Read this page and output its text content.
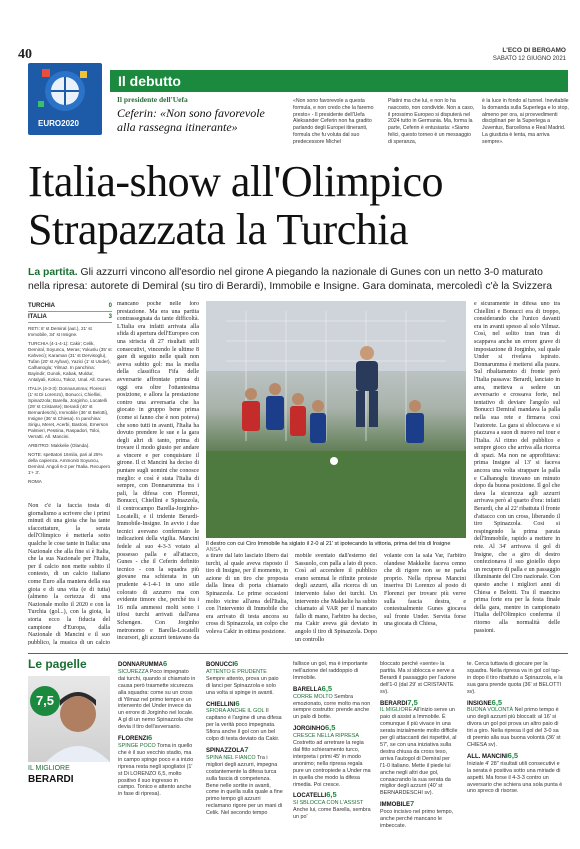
40	L'ECO DI BERGAMO
SABATO 12 GIUGNO 2021
EURO2020
Il debutto
Il presidente dell'Uefa
Ceferin: «Non sono favorevole alla rassegna itinerante»
«Non sono favorevole a questa formula, e non credo che la faremo presto» - Il presidente dell'Uefa Aleksander Ceferin non ha gradito parlando degli Europei itineranti, formula che fu voluta dal suo predecessore Michel
Platini ma che lui, e non lo ha nascosto, non condivide. Non a caso, il prossimo Europeo si disputerà nel 2024 tutto in Germania. Ma, forma la parte, Ceferin è entusiasta: «Siamo felici, questo torneo è un messaggio di speranza,
è la luce in fondo al tunnel. Inevitabile la domanda sulla Superlega e lo stop, almeno per ora, ai provvedimenti disciplinari per la Superlega a Juventus, Barcellona e Real Madrid. La giustizia è lenta, ma arriva sempre».
Italia-show all'Olimpico
Strapazzata la Turchia
La partita. Gli azzurri vincono all'esordio nel girone A piegando la nazionale di Gunes con un netto 3-0 maturato nella ripresa: autorete di Demiral (su tiro di Berardi), Immobile e Insigne. Gara dominata, mercoledì c'è la Svizzera
TURCHIA	0
ITALIA	3
RETI: 8' st Demiral (aut.), 21' st Immobile, 34' st Insigne.
TURCHIA (4-1-4-1): Cakir; Celik, Demiral, Soyuncu, Meras; Yokuslu (35' st Kahveci); Karaman (31' st Dervisoglu), Tufan (20' st Ayhan), Yazici (1' st Under), Calhanoglu; Yilmaz. In panchina: Bayindir, Gunok, Kabak, Muldur, Antalyali, Kokcu, Tokoz, Unal. All. Gunes.
ITALIA (4-3-3): Donnarumma; Florenzi (1' st Di Lorenzo), Bonucci, Chiellini, Spinazzola; Barella, Jorginho, Locatelli (29' st Cristante); Berardi (40' st Bernardeschi), Immobile (36' st Belotti), Insigne (36' st Chiesa). In panchina: Sirigu, Meret, Acerbi, Bastoni, Emerson Palmieri, Pessina, Raspadori, Toloi, Verratti. All. Mancini.
ARBITRO: Makkelie (Olanda).
NOTE: spettatori 16mila, pari al 25% della capienza. Ammoniti Soyuncu, Demiral. Angoli 6-2 per l'Italia. Recupero 1'+ 3'.
ROMA
Non c'è la faccia tosta di giornalismo a scrivere che i primi minuti di una gioia che ha tante sfaccettature, la serata dell'Olimpico è metterla sotto qualche le cose tante in Italia: una Nazionale che alla fine si è Italia, che la sua Nazionale per l'Italia, per il calcio non mette subito il contesto, di un calcio italiano come Euro alla maniera della sua gioia e di una vita (e di tutta) (almeno la certezza di una Nazionale molto il 2020 e con la Turchia (gol...), con la gioia, la storia ecco la fiducia del campione d'Europa, dalla Nazionale di Mancini e il suo pubblico, la musica di un calcio
mancano poche nelle loro prestazione. Ma era una partita contrassegnata da tante difficoltà. L'Italia era infatti arrivata alla sfida di apertura dell'Europeo con una striscia di 27 risultati utili consecutivi, vincendo le ultime 8 gare di seguito nelle quali non aveva subito gol: ma la media della classifica Fifa delle avversarie affrontate prima di oggi era oltre l'ottantesima posizione, e allora la prestazione contro una avversaria che ha giocato in gruppo bene prima (come si fanno che è non poteva) che sono tutti in avanti, l'Italia ha dovuto prendere le sue e la gara degli altri di tanto, prima di trovare il modo giusto per andare a vincere e per conquistare il girone. Il ct Mancini ha deciso di puntare sugli uomini che conosce meglio: e così è stata l'Italia di sempre, con Donnarumma tra i pali, la difesa con Florenzi, Bonucci, Chiellini e Spinazzola, il centrocampo Barella-Jorginho-Locatelli, e il tridente Berardi-Immobile-Insigne. In avvio i due tecnici avevano confermato le indicazioni della vigilia. Mancini fedele al suo 4-3-3 votato al possesso palla e all'attacco, Gunes - che il Ceferin definito tecnico - con la squadra più giovane ma schierata in un prudente 4-1-4-1 in uno stile colorato di azzurro ma con evidente timore che, perché tra i 16 mila ammessi molti sono i tifosi turchi arrivati dall'area Schengen. Con Jorginho metronomo e Barella-Locatelli incursori, gli azzurri tentavano da
a tirare dal lato lasciato libero dai turchi, al quale aveva risposto il tiro di Insigne, per il momento, in azione di un tiro che proposta dalla linea di porta chiamato Spinazzola. Le prime occasioni molto vicine all'area dell'Italia, con l'intervento di Immobile che era arrivato di testa ancora su cross di Spinazzola, un colpo che voleva Cakir in ottima posizione.
mobile sventato dall'esterno del Sassuolo, con palla a lato di poco. Così ad accendere il pubblico erano semmai le rifinite proteste degli azzurri, alla ricerca di un intervento falso dei turchi. Un intervento che Makkelie ha subito chiamato al VAR per il mancato fallo di mano, l'arbitro ha deciso, ma Cakir aveva già deviato in angolo il tiro di Spinazzola. Dopo un controllo
volante con la sala Var, l'arbitro olandese Makkelie faceva cenno che di rigore non se ne parla proprio. Nella ripresa Mancini inseriva Di Lorenzo al posto di Florenzi per trovare più verve sulla fascia destra, e contestualmente Gunes giocava sul fronte Under. Servita forse una giocata di Chiesa,
e sicuramente in difesa uno tra Chiellini e Bonucci era di troppo, considerando che l'unico davanti era in avanti spesso al solo Yilmaz. Così, nel solito tran tran di scappava anche un errore grave di impostazione di Jorginho, sul quale Under si rivelava ispirato. Donnarumma è mettersi alla paura. Sul ribaltamento di fronte però l'Italia passava: Berardi, lanciato in area, metteva a sedere un avversario e crossava forte, nel tentativo di deviare l'angolo sul Bonucci Demiral mandava la palla nella sua rete e firmava così l'autorete. La gara si sbloccava e si piazzava a suon di nuovo nel tour e l'Italia. Al ritmo del pubblico e sempre gioco che arriva alla ricerca di spazi. Ma non ne approfittava: prima Insigne al 13' si faceva ancora una volta strappare la palla e Calhanoglu tiravano un minuto dopo da buona posizione. Il gol che dava la sicurezza agli azzurri arrivava però al quarto d'ora: infatti Berardi, che al 22' ribattuta il fronte d'attacco con un cross, liberando il tiro Spinazzola. Cosi si respingendo la prima parata dell'Immobile, rapido a mettere in rete. Al 34' arrivava il gol di Insigne, che a giro di destro confezionava il suo gioiello dopo un recupero di palla e un passaggio illuminante del Ciro nazionale. Con questo anche i migliori anni di Chiesa e Belotti. Tra il mancino prima forte era per la festa finale della gara, mentre in campionato l'Italia dell'Olimpico conferma il ritorno alla normalità delle passioni.
Il destro con cui Ciro Immobile ha siglato il 2-0 al 21' st ipotecando la vittoria, prima del tris di Insigne ANSA
Le pagelle
7,5
IL MIGLIORE
BERARDI
DONNARUMMA6
SICUREZZA Poco impegnato dai turchi, quando si chiamato in causa però trasmette sicurezza alla squadra: come su un cross di Yilmaz nel primo tempo e un intervento del Under invece da un errore di Jorginho nel locale. A gl di un nemo Spinazzola che devia il tiro dell'avversario.
FLORENZI6
SPINGE POCO Torna in quello che è il suo vecchio stadio, ma in campo spinge poco e a inizio ripresa resta negli spogliatoi (1' st Di LORENZO 6,5, molto positivo il suo ingresso in campo. Tonico e attento anche in fase di ripresa).
BONUCCI6
ATTENTO E PRUDENTE Sempre attento, prova un paio di lanci per Spinazzola e solo una volta si spinge in avanti.
CHIELLINI6
SFIORA ANCHE IL GOL Il capitano è l'argine di una difesa per la verità poco impegnata. Sfiora anche il gol con un bel colpo di testa deviato da Cakir.
SPINAZZOLA7
SPINA NEL FIANCO Tra i migliori degli azzurri, impegna costantemente la difesa turca sulla fascia di competenza. Bene nelle sortite in avanti, come in quella sulla quale a fine primo tempo gli azzurri reclamano rigore per un mani di Celik. Nel secondo tempo
fallisce un gol, ma è importante nell'azione del raddoppio di Immobile.
BARELLA6,5
CORRE MOLTO Sembra emozionato, corre molto ma non sempre costrutto: prende anche un palo di botte.
JORGINHO6,5
CRESCE NELLA RIPRESA Costretto ad arretrare la regia dal fitto schieramento turco, interpreta i primi 45' in modo anonimo; nella ripresa regala pure un contropiede a Under ma in quella che modo la difesa rimedia. Poi cresce.
LOCATELLI6,5
SI SBLOCCA CON L'ASSIST Anche lui, come Barella, sembra un po'
bloccato perché «sente» la partita. Ma si sblocca e serve a Berardi il passaggio per l'azione dell'1-0 (dal 29' st CRISTANTE sv).
BERARDI7,5
IL MIGLIORE All'inizio serve un paio di assist a Immobile. È comunque il più vivace in una serata inizialmente molto difficile per gli attaccanti dei rispettivi, al 57', se con una iniziativa sulla destra chiusa da cross teso, arriva l'autogol di Demiral per l'1-0 italiano. Mette il piede lui anche negli altri due gol, consacrando la sua serata da miglior degli azzurri (40' st BERNARDESCHI sv).
IMMOBILE7
Poco incisivo nel primo tempo, anche perché mancano le imbeccate.
te. Cerca tuttavia di giocare per la squadra. Nella ripresa va in gol col tap-in dopo il tiro ribattuto a Spinazzola, e la sua gara prende quota (36' st BELOTTI sv).
INSIGNE6,5
BUONA VOLONTÀ Nel primo tempo è uno degli azzurri più bloccati: al 16' si divora un gol poi prova un altro paio di tiri a giro. Nella ripresa il gol del 3-0 sa di premio alla sua buona volontà (36' st CHIESA sv).
ALL. MANCINI6,5
Iniziale 4' 28'' risultati utili consecutivi e la serata è positiva sotto una miriade di aspetti. Ma forse il 4-3-3 contro un avversario che schiera una sola punta è uno spreco di risorse.
